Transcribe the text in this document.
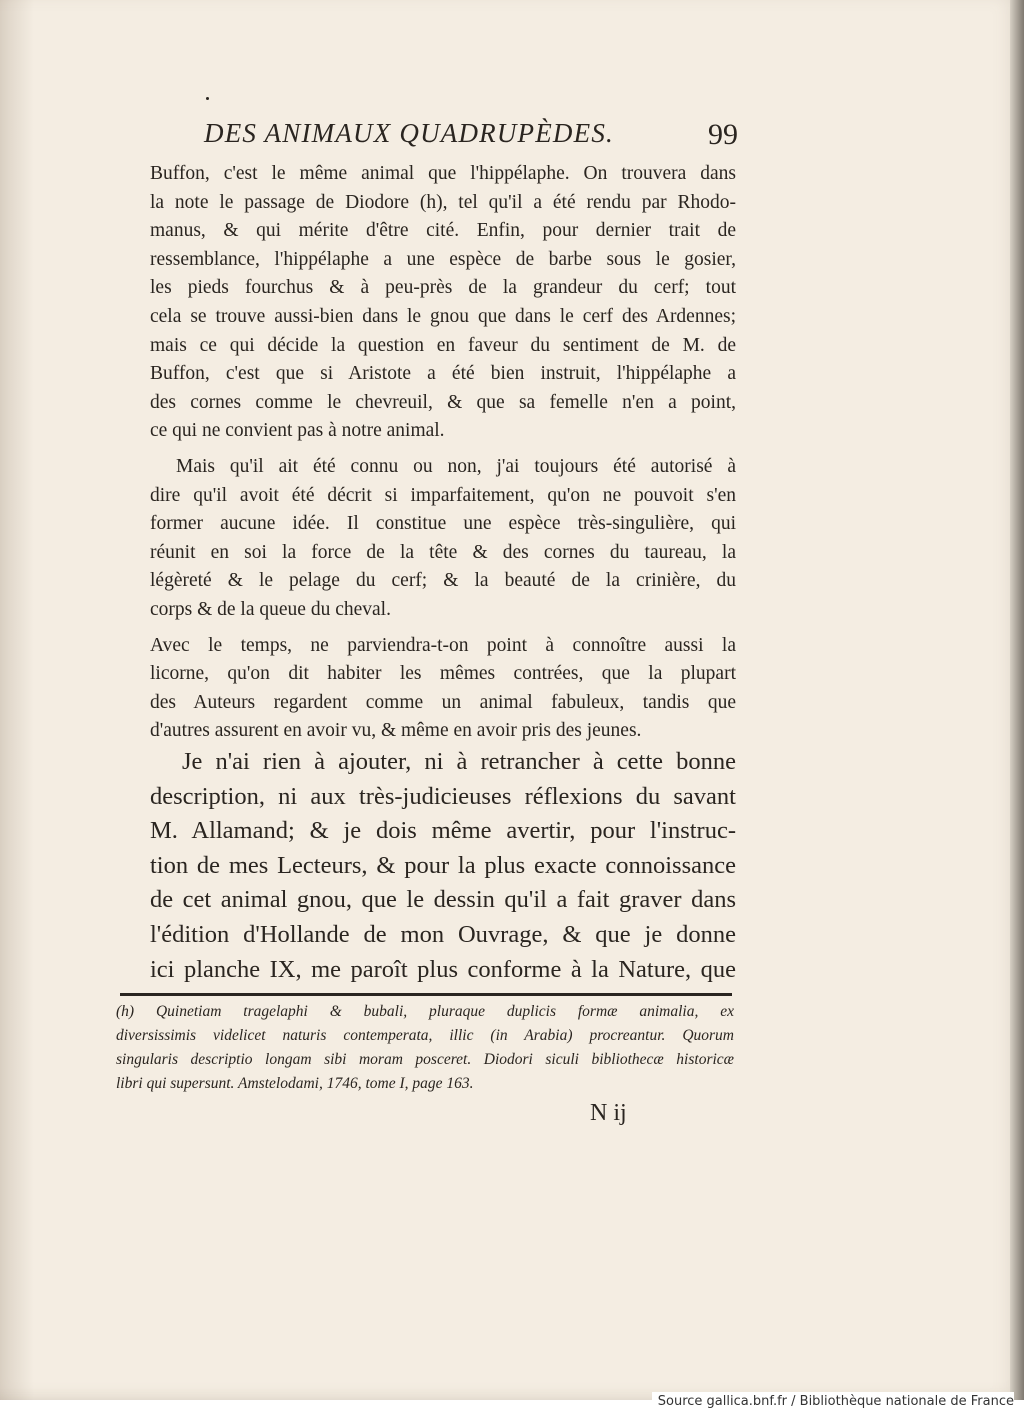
DES ANIMAUX QUADRUPÈDES.	99
Buffon, c'est le même animal que l'hippélaphe. On trouvera dans
la note le passage de Diodore (h), tel qu'il a été rendu par Rhodo-
manus, & qui mérite d'être cité. Enfin, pour dernier trait de
ressemblance, l'hippélaphe a une espèce de barbe sous le gosier,
les pieds fourchus & à peu-près de la grandeur du cerf; tout
cela se trouve aussi-bien dans le gnou que dans le cerf des Ardennes;
mais ce qui décide la question en faveur du sentiment de M. de
Buffon, c'est que si Aristote a été bien instruit, l'hippélaphe a
des cornes comme le chevreuil, & que sa femelle n'en a point,
ce qui ne convient pas à notre animal.
Mais qu'il ait été connu ou non, j'ai toujours été autorisé à
dire qu'il avoit été décrit si imparfaitement, qu'on ne pouvoit s'en
former aucune idée. Il constitue une espèce très-singulière, qui
réunit en soi la force de la tête & des cornes du taureau, la
légèreté & le pelage du cerf; & la beauté de la crinière, du
corps & de la queue du cheval.
Avec le temps, ne parviendra-t-on point à connoître aussi la
licorne, qu'on dit habiter les mêmes contrées, que la plupart
des Auteurs regardent comme un animal fabuleux, tandis que
d'autres assurent en avoir vu, & même en avoir pris des jeunes.
Je n'ai rien à ajouter, ni à retrancher à cette bonne
description, ni aux très-judicieuses réflexions du savant
M. Allamand; & je dois même avertir, pour l'instruc-
tion de mes Lecteurs, & pour la plus exacte connoissance
de cet animal gnou, que le dessin qu'il a fait graver dans
l'édition d'Hollande de mon Ouvrage, & que je donne
ici planche IX, me paroît plus conforme à la Nature, que
(h) Quinetiam tragelaphi & bubali, pluraque duplicis formæ animalia, ex
diversissimis videlicet naturis contemperata, illic (in Arabia) procreantur. Quorum
singularis descriptio longam sibi moram posceret. Diodori siculi bibliothecæ historicæ
libri qui supersunt. Amstelodami, 1746, tome I, page 163.
N ij
Source gallica.bnf.fr / Bibliothèque nationale de France
